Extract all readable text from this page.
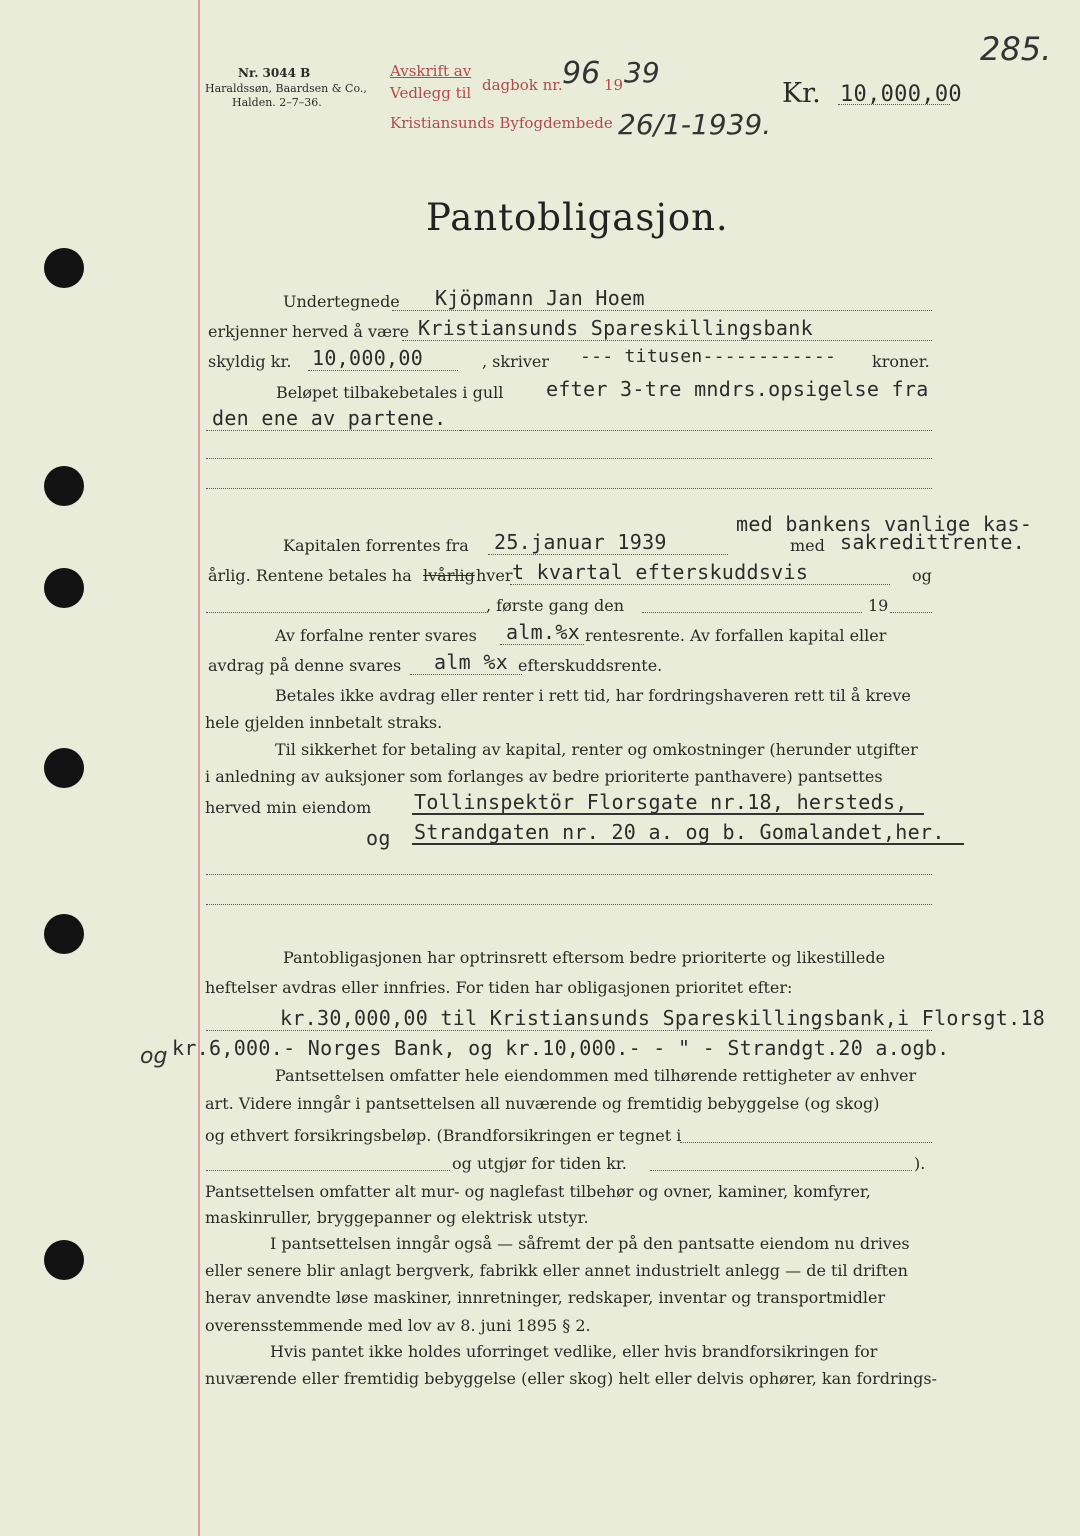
Nr. 3044 B
Haraldssøn, Baardsen & Co.,
Halden. 2–7–36.
Avskrift av
dagbok nr.
Vedlegg til
Kristiansunds Byfogdembede
96 19 39
26/1-1939.
Kr. 10,000,00
285.
Pantobligasjon.
Undertegnede Kjöpmann Jan Hoem
erkjenner herved å være Kristiansunds Spareskillingsbank
skyldig kr. 10,000,00	, skriver --- titusen------------ kroner.
Beløpet tilbakebetales i gull efter 3-tre mndrs.opsigelse fra
den ene av partene.
med bankens vanlige kas-
Kapitalen forrentes fra 25.januar 1939	med sakredittrente.
årlig. Rentene betales ha lvårlig hver t kvartal efterskuddsvis	og
, første gang den	19
Av forfalne renter svares alm.%x rentesrente. Av forfallen kapital eller
avdrag på denne svares alm %x efterskuddsrente.
Betales ikke avdrag eller renter i rett tid, har fordringshaveren rett til å kreve
hele gjelden innbetalt straks.
Til sikkerhet for betaling av kapital, renter og omkostninger (herunder utgifter
i anledning av auksjoner som forlanges av bedre prioriterte panthavere) pantsettes
herved min eiendom Tollinspektör Florsgate nr.18, hersteds,
og Strandgaten nr. 20 a. og b. Gomalandet,her.
Pantobligasjonen har optrinsrett eftersom bedre prioriterte og likestillede
heftelser avdras eller innfries. For tiden har obligasjonen prioritet efter:
kr.30,000,00 til Kristiansunds Spareskillingsbank,i Florsgt.18
og kr.6,000.- Norges Bank, og kr.10,000.- - " - Strandgt.20 a.ogb.
Pantsettelsen omfatter hele eiendommen med tilhørende rettigheter av enhver
art. Videre inngår i pantsettelsen all nuværende og fremtidig bebyggelse (og skog)
og ethvert forsikringsbeløp. (Brandforsikringen er tegnet i
og utgjør for tiden kr.	).
Pantsettelsen omfatter alt mur- og naglefast tilbehør og ovner, kaminer, komfyrer,
maskinruller, bryggepanner og elektrisk utstyr.
I pantsettelsen inngår også — såfremt der på den pantsatte eiendom nu drives
eller senere blir anlagt bergverk, fabrikk eller annet industrielt anlegg — de til driften
herav anvendte løse maskiner, innretninger, redskaper, inventar og transportmidler
overensstemmende med lov av 8. juni 1895 § 2.
Hvis pantet ikke holdes uforringet vedlike, eller hvis brandforsikringen for
nuværende eller fremtidig bebyggelse (eller skog) helt eller delvis ophører, kan fordrings-
